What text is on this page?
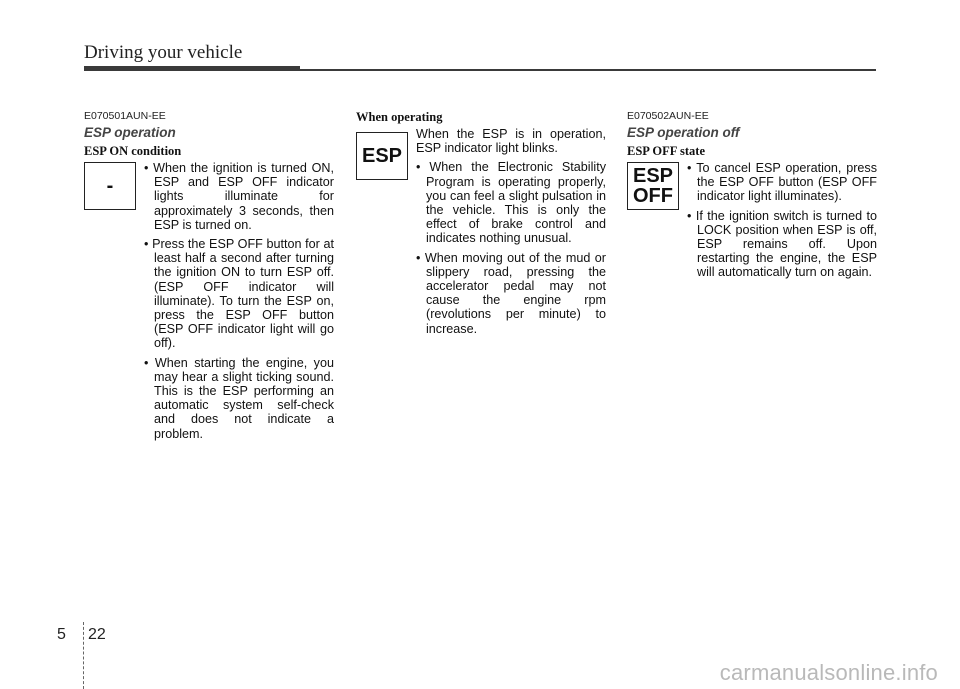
Driving your vehicle
E070501AUN-EE
ESP operation
ESP ON condition
-
• When the ignition is turned ON, ESP and ESP OFF indicator lights illuminate for approximately 3 seconds, then ESP is turned on.
• Press the ESP OFF button for at least half a second after turning the ignition ON to turn ESP off. (ESP OFF indicator will illuminate). To turn the ESP on, press the ESP OFF button (ESP OFF indicator light will go off).
• When starting the engine, you may hear a slight ticking sound. This is the ESP performing an automatic system self-check and does not indicate a problem.
When operating
ESP
When the ESP is in operation, ESP indicator light blinks.
• When the Electronic Stability Program is operating properly, you can feel a slight pulsation in the vehicle. This is only the effect of brake control and indicates nothing unusual.
• When moving out of the mud or slippery road, pressing the accelerator pedal may not cause the engine rpm (revolutions per minute) to increase.
E070502AUN-EE
ESP operation off
ESP OFF state
ESP
OFF
• To cancel ESP operation, press the ESP OFF button (ESP OFF indicator light illuminates).
• If the ignition switch is turned to LOCK position when ESP is off, ESP remains off. Upon restarting the engine, the ESP will automatically turn on again.
5 22
carmanualsonline.info
